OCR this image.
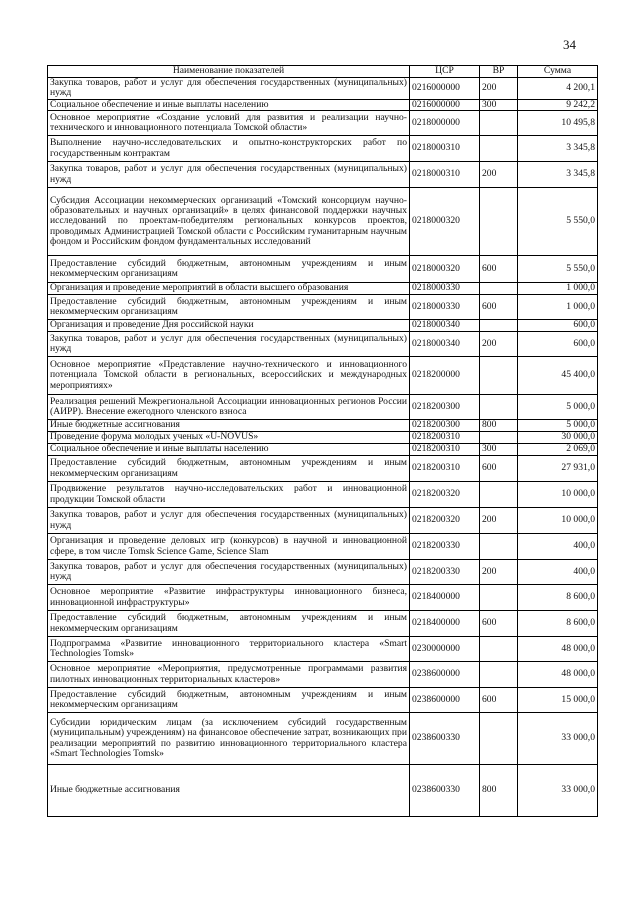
34
Наименование показателей	ЦСР	ВР	Сумма
Закупка товаров, работ и услуг для обеспечения государственных (муниципальных) нужд	0216000000	200	4 200,1
Социальное обеспечение и иные выплаты населению	0216000000	300	9 242,2
Основное мероприятие «Создание условий для развития и реализации научно-технического и инновационного потенциала Томской области»	0218000000		10 495,8
Выполнение научно-исследовательских и опытно-конструкторских работ по государственным контрактам	0218000310		3 345,8
Закупка товаров, работ и услуг для обеспечения государственных (муниципальных) нужд	0218000310	200	3 345,8
Субсидия Ассоциации некоммерческих организаций «Томский консорциум научно-образовательных и научных организаций» в целях финансовой поддержки научных исследований по проектам-победителям региональных конкурсов проектов, проводимых Администрацией Томской области с Российским гуманитарным научным фондом и Российским фондом фундаментальных исследований	0218000320		5 550,0
Предоставление субсидий бюджетным, автономным учреждениям и иным некоммерческим организациям	0218000320	600	5 550,0
Организация и проведение мероприятий в области высшего образования	0218000330		1 000,0
Предоставление субсидий бюджетным, автономным учреждениям и иным некоммерческим организациям	0218000330	600	1 000,0
Организация и проведение Дня российской науки	0218000340		600,0
Закупка товаров, работ и услуг для обеспечения государственных (муниципальных) нужд	0218000340	200	600,0
Основное мероприятие «Представление научно-технического и инновационного потенциала Томской области в региональных, всероссийских и международных мероприятиях»	0218200000		45 400,0
Реализация решений Межрегиональной Ассоциации инновационных регионов России (АИРР). Внесение ежегодного членского взноса	0218200300		5 000,0
Иные бюджетные ассигнования	0218200300	800	5 000,0
Проведение форума молодых ученых «U-NOVUS»	0218200310		30 000,0
Социальное обеспечение и иные выплаты населению	0218200310	300	2 069,0
Предоставление субсидий бюджетным, автономным учреждениям и иным некоммерческим организациям	0218200310	600	27 931,0
Продвижение результатов научно-исследовательских работ и инновационной продукции Томской области	0218200320		10 000,0
Закупка товаров, работ и услуг для обеспечения государственных (муниципальных) нужд	0218200320	200	10 000,0
Организация и проведение деловых игр (конкурсов) в научной и инновационной сфере, в том числе Tomsk Science Game, Science Slam	0218200330		400,0
Закупка товаров, работ и услуг для обеспечения государственных (муниципальных) нужд	0218200330	200	400,0
Основное мероприятие «Развитие инфраструктуры инновационного бизнеса, инновационной инфраструктуры»	0218400000		8 600,0
Предоставление субсидий бюджетным, автономным учреждениям и иным некоммерческим организациям	0218400000	600	8 600,0
Подпрограмма «Развитие инновационного территориального кластера «Smart Technologies Tomsk»	0230000000		48 000,0
Основное мероприятие «Мероприятия, предусмотренные программами развития пилотных инновационных территориальных кластеров»	0238600000		48 000,0
Предоставление субсидий бюджетным, автономным учреждениям и иным некоммерческим организациям	0238600000	600	15 000,0
Субсидии юридическим лицам (за исключением субсидий государственным (муниципальным) учреждениям) на финансовое обеспечение затрат, возникающих при реализации мероприятий по развитию инновационного территориального кластера «Smart Technologies Tomsk»	0238600330		33 000,0
Иные бюджетные ассигнования	0238600330	800	33 000,0
